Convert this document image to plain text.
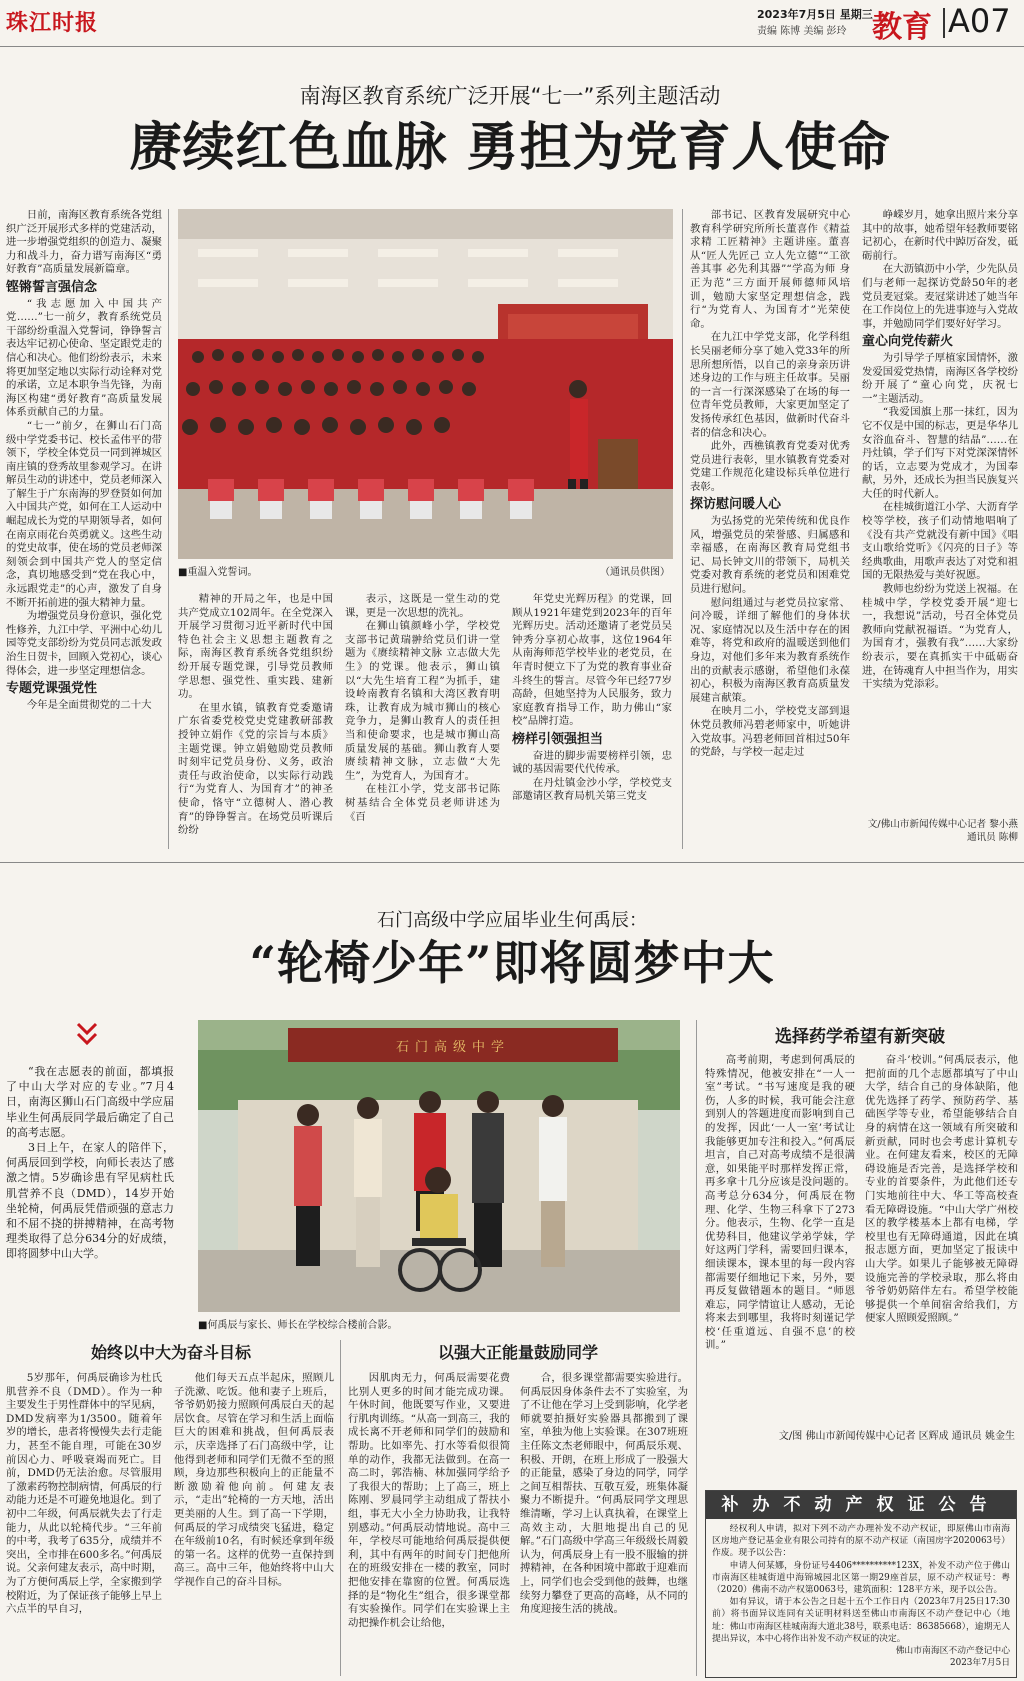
珠江时报	2023年7月5日 星期三
责编 陈博 美编 彭玲 教育 A07
南海区教育系统广泛开展“七一”系列主题活动
赓续红色血脉 勇担为党育人使命
■重温入党誓词。	（通讯员供图）

日前，南海区教育系统各党组织广泛开展形式多样的党建活动，进一步增强党组织的创造力、凝聚力和战斗力，奋力谱写南海区“勇好教育”高质量发展新篇章。

铿锵誓言强信念

“我志愿加入中国共产党……”七一前夕，教育系统党员干部纷纷重温入党誓词，铮铮誓言表达牢记初心使命、坚定跟党走的信心和决心。他们纷纷表示，未来将更加坚定地以实际行动诠释对党的承诺，立足本职争当先锋，为南海区构建“勇好教育”高质量发展体系贡献自己的力量。

“七一”前夕，在狮山石门高级中学党委书记、校长孟伟平的带领下，学校全体党员一同到禅城区南庄镇的登秀故里参观学习。在讲解员生动的讲述中，党员老师深入了解生于广东南海的罗登贤如何加入中国共产党，如何在工人运动中崛起成长为党的早期领导者，如何在南京雨花台英勇就义。这些生动的党史故事，使在场的党员老师深刻领会到中国共产党人的坚定信念，真切地感受到“党在我心中，永远跟党走”的心声，激发了自身不断开拓前进的强大精神力量。

为增强党员身份意识，强化党性修养，九江中学、平洲中心幼儿园等党支部纷纷为党员同志派发政治生日贺卡，回顾入党初心，谈心得体会，进一步坚定理想信念。

专题党课强党性

今年是全面贯彻党的二十大

精神的开局之年，也是中国共产党成立102周年。在全党深入开展学习贯彻习近平新时代中国特色社会主义思想主题教育之际，南海区教育系统各党组织纷纷开展专题党课，引导党员教师学思想、强党性、重实践、建新功。

在里水镇，镇教育党委邀请广东省委党校党史党建教研部教授钟立娟作《党的宗旨与本质》主题党课。钟立娟勉励党员教师时刻牢记党员身份、义务，政治责任与政治使命，以实际行动践行“为党育人、为国育才”的神圣使命，恪守“立德树人、潜心教育”的铮铮誓言。在场党员听课后纷纷

表示，这既是一堂生动的党课，更是一次思想的洗礼。

在狮山镇颜峰小学，学校党支部书记黄瑞翀给党员们讲一堂题为《赓续精神文脉 立志做大先生》的党课。他表示，狮山镇以“大先生培育工程”为抓手，建设岭南教育名镇和大湾区教育明珠，让教育成为城市狮山的核心竞争力，是狮山教育人的责任担当和使命要求，也是城市狮山高质量发展的基础。狮山教育人要赓续精神文脉，立志做“大先生”，为党育人，为国育才。

在桂江小学，党支部书记陈树基结合全体党员老师讲述为《百

年党史光辉历程》的党课，回顾从1921年建党到2023年的百年光辉历史。活动还邀请了老党员吴钟秀分享初心故事，这位1964年从南海师范学校毕业的老党员，在年青时便立下了为党的教育事业奋斗终生的誓言。尽管今年已经77岁高龄，但她坚持为人民服务，致力家庭教育指导工作，助力佛山“家校”品牌打造。

榜样引领强担当

奋进的脚步需要榜样引领，忠诚的基因需要代代传承。

在丹灶镇金沙小学，学校党支部邀请区教育局机关第三党支

部书记、区教育发展研究中心教育科学研究所所长董喜作《精益求精 工匠精神》主题讲座。董喜从“匠人先匠己 立人先立德”“工欲善其事 必先利其器”“学高为师 身正为范”三方面开展师德师风培训，勉励大家坚定理想信念，践行“为党育人、为国育才”光荣使命。

在九江中学党支部，化学科组长吴丽老师分享了她入党33年的所思所想所悟，以自己的亲身亲历讲述身边的工作与班主任故事。吴丽的一言一行深深感染了在场的每一位青年党员教师，大家更加坚定了发扬传承红色基因，做新时代奋斗者的信念和决心。

此外，西樵镇教育党委对优秀党员进行表彰，里水镇教育党委对党建工作规范化建设标兵单位进行表彰。

探访慰问暖人心

为弘扬党的光荣传统和优良作风，增强党员的荣誉感、归属感和幸福感，在南海区教育局党组书记、局长钟文川的带领下，局机关党委对教育系统的老党员和困难党员进行慰问。

慰问组通过与老党员拉家常、问冷暖，详细了解他们的身体状况、家庭情况以及生活中存在的困难等，将党和政府的温暖送到他们身边，对他们多年来为教育系统作出的贡献表示感谢，希望他们永葆初心，积极为南海区教育高质量发展建言献策。

在映月二小，学校党支部到退休党员教师冯碧老师家中，听她讲入党故事。冯碧老师回首相过50年的党龄，与学校一起走过

峥嵘岁月，她拿出照片来分享其中的故事，她希望年轻教师要铭记初心，在新时代中踔厉奋发，砥砺前行。

在大沥镇沥中小学，少先队员们与老师一起探访党龄50年的老党员麦冠棠。麦冠棠讲述了她当年在工作岗位上的先进事迹与入党故事，并勉励同学们要好好学习。

童心向党传薪火

为引导学子厚植家国情怀，激发爱国爱党热情，南海区各学校纷纷开展了“童心向党，庆祝七一”主题活动。

“我爱国旗上那一抹红，因为它不仅是中国的标志，更是华华儿女浴血奋斗、智慧的结晶”……在丹灶镇，学子们写下对党深深情怀的话，立志要为党成才，为国奉献，另外，还成长为担当民族复兴大任的时代新人。

在桂城街道江小学、大沥育学校等学校，孩子们动情地唱响了《没有共产党就没有新中国》《唱支山歌给党听》《闪亮的日子》等经典歌曲，用歌声表达了对党和祖国的无限热爱与美好祝愿。

教师也纷纷为党送上祝福。在桂城中学，学校党委开展“迎七一，我想说”活动，号召全体党员教师向党献祝福语。“为党育人，为国育才，强教有我”……大家纷纷表示，要在真抓实干中砥砺奋进，在铸魂育人中担当作为，用实干实绩为党添彩。

文/佛山市新闻传媒中心记者 黎小燕 通讯员 陈柳

石门高级中学应届毕业生何禹辰：
“轮椅少年”即将圆梦中大

“我在志愿表的前面，都填报了中山大学对应的专业。”7月4日，南海区狮山石门高级中学应届毕业生何禹辰同学最后确定了自己的高考志愿。

3日上午，在家人的陪伴下，何禹辰回到学校，向师长表达了感激之情。5岁确诊患有罕见病杜氏肌营养不良（DMD），14岁开始坐轮椅，何禹辰凭借顽强的意志力和不屈不挠的拼搏精神，在高考物理类取得了总分634分的好成绩，即将圆梦中山大学。

石门高级中学
■何禹辰与家长、师长在学校综合楼前合影。
始终以中大为奋斗目标	以强大正能量鼓励同学
选择药学希望有新突破

5岁那年，何禹辰确诊为杜氏肌营养不良（DMD）。作为一种主要发生于男性群体中的罕见病，DMD发病率为1/3500。随着年岁的增长，患者将慢慢失去行走能力，甚至不能自理，可能在30岁前因心力、呼吸衰竭而死亡。目前，DMD仍无法治愈。尽管服用了激素药物控制病情，何禹辰的行动能力还是不可避免地退化。到了初中二年级，何禹辰就失去了行走能力，从此以轮椅代步。“三年前的中考，我考了635分，成绩并不突出，全市排在600多名。”何禹辰说。父亲何建友表示，高中时期，为了方便何禹辰上学，全家搬到学校附近，为了保证孩子能够上早上六点半的早自习，

他们每天五点半起床，照顾儿子洗漱、吃饭。他和妻子上班后，爷爷奶奶接力照顾何禹辰白天的起居饮食。尽管在学习和生活上面临巨大的困难和挑战，但何禹辰表示，庆幸选择了石门高级中学，让他得到老师和同学们无微不至的照顾，身边那些积极向上的正能量不断激励着他向前。何建友表示，“走出”轮椅的一方天地，活出更美丽的人生。到了高一下学期，何禹辰的学习成绩突飞猛进，稳定在年级前10名，有时候还拿到年级的第一名。这样的优势一直保持到高三。高中三年，他始终将中山大学视作自己的奋斗目标。

因肌肉无力，何禹辰需要花费比别人更多的时间才能完成功课。午休时间，他既要写作业，又要进行肌肉训练。“从高一到高三，我的成长离不开老师和同学们的鼓励和帮助。比如率先、打水等看似很简单的动作，我都无法做到。在高一高二时，郭浩楠、林加强同学给予了我很大的帮助；上了高三，班上陈刚、罗晨同学主动组成了帮扶小组，事无大小全力协助我，让我特别感动。”何禹辰动情地说。高中三年，学校尽可能地给何禹辰提供便利，其中有两年的时间专门把他所在的班级安排在一楼的教室，同时把他安排在靠窗的位置。何禹辰选择的是“物化生”组合，很多课堂都有实验操作。同学们在实验课上主动把操作机会让给他，

合，很多课堂都需要实验进行。何禹辰因身体条件去不了实验室，为了不让他在学习上受到影响，化学老师就要拍摄好实验器具都搬到了课室，单独为他上实验课。在307班班主任陈文杰老师眼中，何禹辰乐观、积极、开朗，在班上形成了一股强大的正能量，感染了身边的同学，同学之间互相帮扶、互敬互爱，班集体凝聚力不断提升。“何禹辰同学文理思维清晰，学习上认真执着，在课堂上高效主动，大胆地提出自己的见解。”石门高级中学高三年级级长周毅认为，何禹辰身上有一股不服输的拼搏精神，在各种困境中都敢于迎难而上，同学们也会受到他的鼓舞，也继续努力攀登了更高的高峰，从不同的角度迎接生活的挑战。

高考前期，考虑到何禹辰的特殊情况，他被安排在“一人一室”考试。“书写速度是我的硬伤，人多的时候，我可能会注意到别人的答题进度而影响到自己的发挥，因此‘一人一室’考试让我能够更加专注和投入。”何禹辰坦言，自己对高考成绩不是很满意，如果能平时那样发挥正常，再多拿十几分应该是没问题的。高考总分634分，何禹辰在物理、化学、生物三科拿下了273分。他表示，生物、化学一直是优势科目，他建议学弟学妹，学好这两门学科，需要回归课本，细读课本，课本里的每一段内容都需要仔细地记下来，另外，要再反复做错题本的题目。“师恩难忘，同学情谊让人感动，无论将来去到哪里，我将时刻谨记学校‘任重道远、自强不息’的校训。”

奋斗’校训。”何禹辰表示，他把前面的几个志愿都填写了中山大学，结合自己的身体缺陷，他优先选择了药学、预防药学、基础医学等专业，希望能够结合自身的病情在这一领域有所突破和新贡献，同时也会考虑计算机专业。在何建友看来，校区的无障碍设施是否完善，是选择学校和专业的首要条件，为此他们还专门实地前往中大、华工等高校查看无障碍设施。“中山大学广州校区的教学楼基本上都有电梯，学校里也有无障碍通道，因此在填报志愿方面，更加坚定了报读中山大学。如果儿子能够被无障碍设施完善的学校录取，那么将由爷爷奶奶陪伴左右。希望学校能够提供一个单间宿舍给我们，方便家人照顾爱照顾。”

文/图 佛山市新闻传媒中心记者 区辉成 通讯员 姚金生

补办不动产权证公告

经权利人申请，拟对下列不动产办理补发不动产权证，即原佛山市南海区房地产登记基金业有限公司持有的原不动产权证（南国房字2020063号）作废。现予以公告：

申请人何某娜，身份证号4406**********123X，补发不动产位于佛山市南海区桂城街道中海锦城园北区第一期29座首层，原不动产权证号：粤（2020）佛南不动产权第0063号，建筑面积：128平方米，现予以公告。

如有异议，请于本公告之日起十五个工作日内（2023年7月25日17:30前）将书面异议连同有关证明材料送至佛山市南海区不动产登记中心（地址：佛山市南海区桂城南海大道北38号，联系电话：86385668），逾期无人提出异议，本中心将作出补发不动产权证的决定。

佛山市南海区不动产登记中心

2023年7月5日
